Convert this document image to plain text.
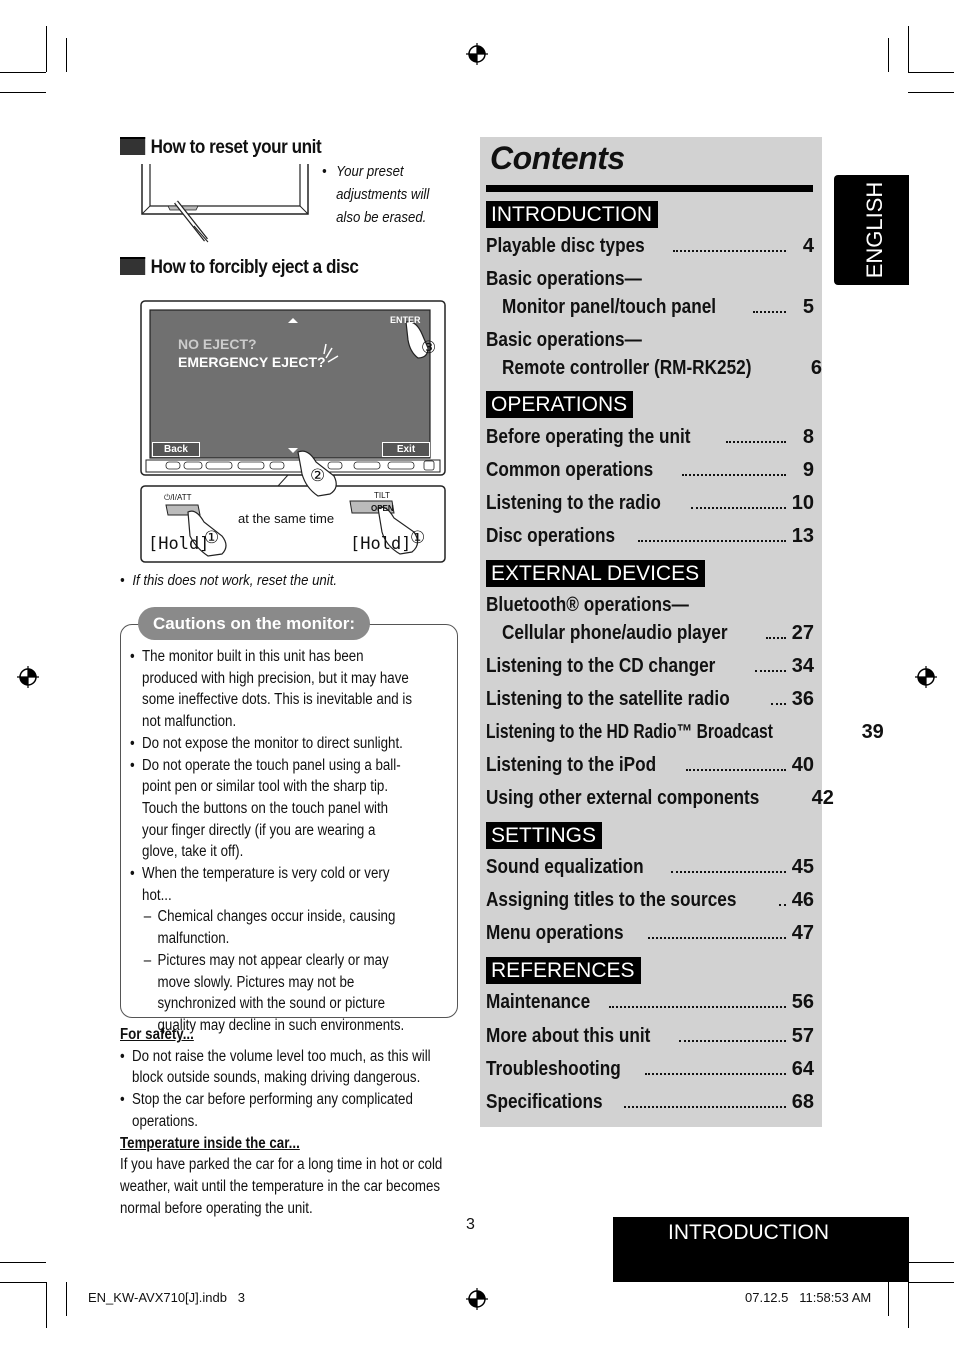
How to reset your unit
• Your preset adjustments will also be erased.
How to forcibly eject a disc
ENTER
NO EJECT?
EMERGENCY EJECT?
Back	Exit
③
②
⏻/I/ATT	TILT
OPEN
at the same time
[Hold]	[Hold]
①	①
• If this does not work, reset the unit.
Cautions on the monitor:
• The monitor built in this unit has been produced with high precision, but it may have some ineffective dots. This is inevitable and is not malfunction.
• Do not expose the monitor to direct sunlight.
• Do not operate the touch panel using a ball-point pen or similar tool with the sharp tip.
Touch the buttons on the touch panel with your finger directly (if you are wearing a glove, take it off).
• When the temperature is very cold or very hot...
– Chemical changes occur inside, causing malfunction.
– Pictures may not appear clearly or may move slowly. Pictures may not be synchronized with the sound or picture quality may decline in such environments.
For safety...
• Do not raise the volume level too much, as this will block outside sounds, making driving dangerous.
• Stop the car before performing any complicated operations.
Temperature inside the car...
If you have parked the car for a long time in hot or cold weather, wait until the temperature in the car becomes normal before operating the unit.
Contents
INTRODUCTION
Playable disc types	4
Basic operations—
Monitor panel/touch panel	5
Basic operations—
Remote controller (RM-RK252)	6
OPERATIONS
Before operating the unit	8
Common operations	9
Listening to the radio	10
Disc operations	13
EXTERNAL DEVICES
Bluetooth® operations—
Cellular phone/audio player	27
Listening to the CD changer	34
Listening to the satellite radio	36
Listening to the HD Radio™ Broadcast	39
Listening to the iPod	40
Using other external components	42
SETTINGS
Sound equalization	45
Assigning titles to the sources	46
Menu operations	47
REFERENCES
Maintenance	56
More about this unit	57
Troubleshooting	64
Specifications	68
ENGLISH
3	INTRODUCTION
EN_KW-AVX710[J].indb   3	07.12.5   11:58:53 AM
